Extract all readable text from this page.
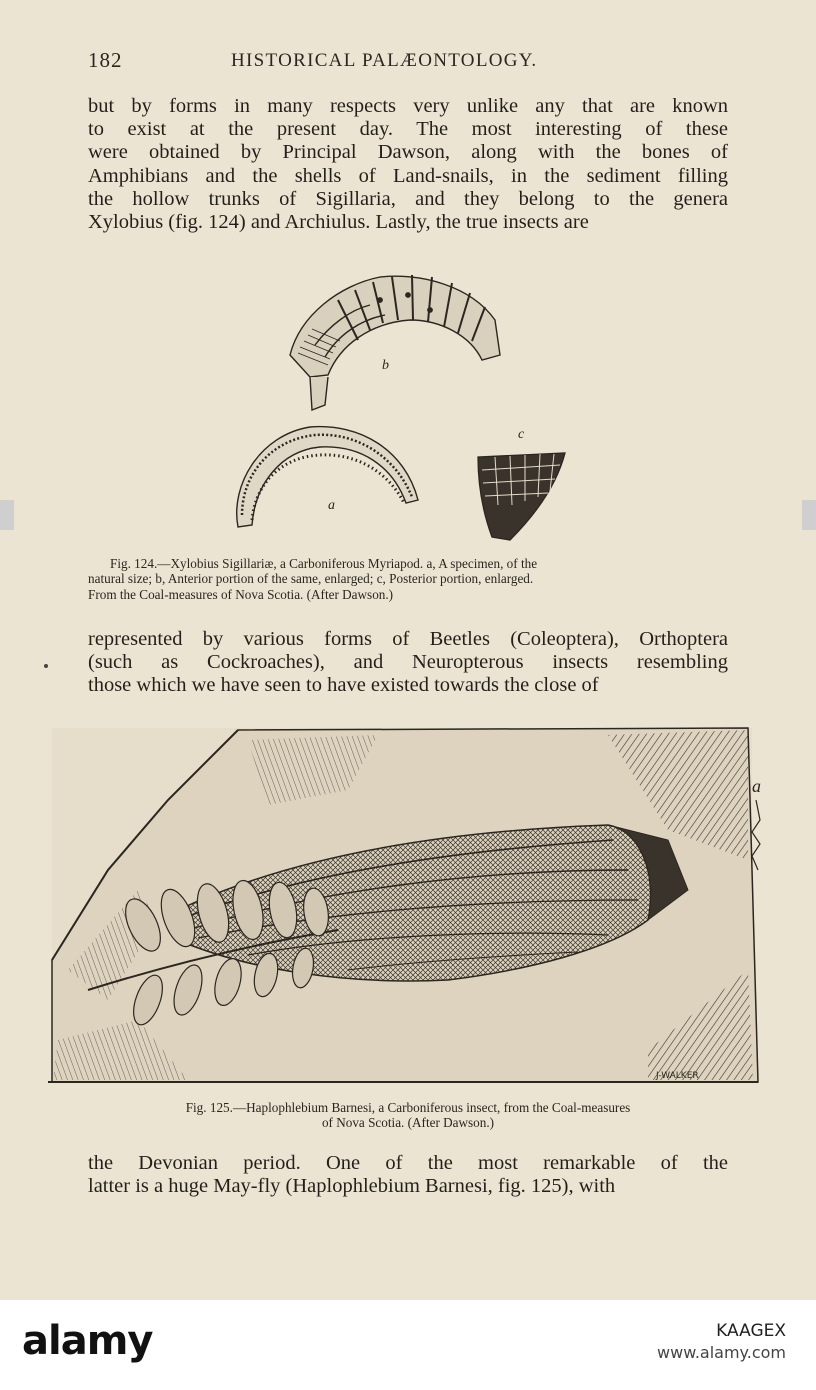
182	HISTORICAL PALÆONTOLOGY.
but by forms in many respects very unlike any that are known
to exist at the present day. The most interesting of these
were obtained by Principal Dawson, along with the bones of
Amphibians and the shells of Land-snails, in the sediment filling
the hollow trunks of Sigillaria, and they belong to the genera
Xylobius (fig. 124) and Archiulus. Lastly, the true insects are
b
a
c
Fig. 124.—Xylobius Sigillariæ, a Carboniferous Myriapod. a, A specimen, of the
natural size; b, Anterior portion of the same, enlarged; c, Posterior portion, enlarged.
From the Coal-measures of Nova Scotia. (After Dawson.)
represented by various forms of Beetles (Coleoptera), Orthoptera
(such as Cockroaches), and Neuropterous insects resembling
those which we have seen to have existed towards the close of
a
J-WALKER
Fig. 125.—Haplophlebium Barnesi, a Carboniferous insect, from the Coal-measures
of Nova Scotia. (After Dawson.)
the Devonian period. One of the most remarkable of the
latter is a huge May-fly (Haplophlebium Barnesi, fig. 125), with
alamy	KAAGEX
www.alamy.com
